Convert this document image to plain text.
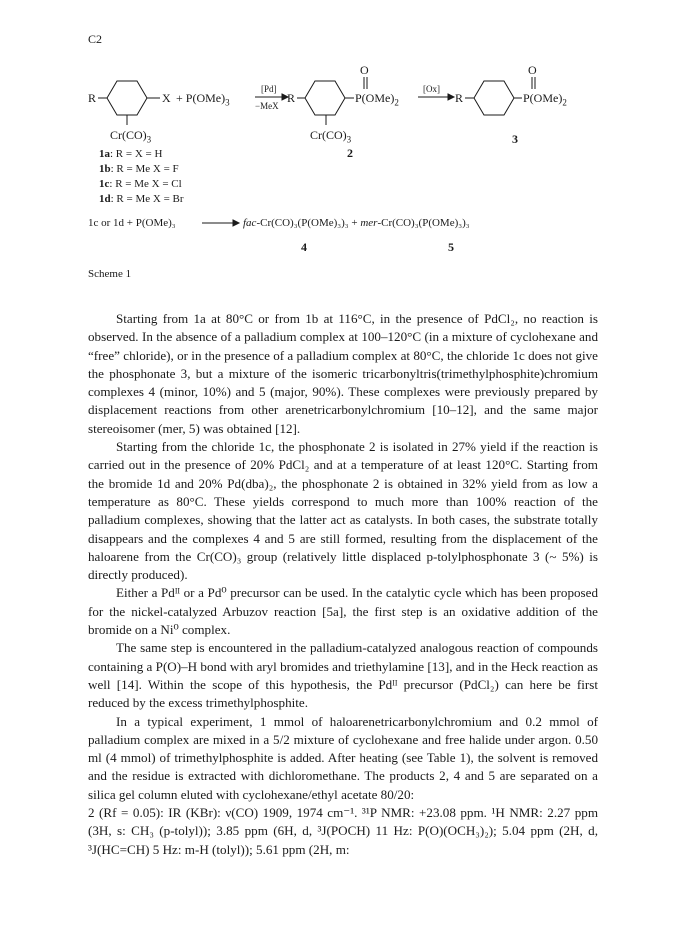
C2
R	$X + P(OMe)_3$
$Cr(CO)_3$
[Pd]
−MeX
R
O
$P(OMe)_2$
$Cr(CO)_3$
2
[Ox]
R
O
$P(OMe)_2$
3
1a: R = X = H
1b: R = Me X = F
1c: R = Me X = Cl
1d: R = Me X = Br
1c or 1d + P(OMe)₃	fac-Cr(CO)₃(P(OMe)₃)₃ + mer-Cr(CO)₃(P(OMe)₃)₃
4	5
Scheme 1

Starting from 1a at 80°C or from 1b at 116°C, in the presence of PdCl₂, no reaction is observed. In the absence of a palladium complex at 100–120°C (in a mixture of cyclohexane and “free” chloride), or in the presence of a palladium complex at 80°C, the chloride 1c does not give the phosphonate 3, but a mixture of the isomeric tricarbonyltris(trimethylphosphite)chromium complexes 4 (minor, 10%) and 5 (major, 90%). These complexes were previously prepared by displacement reactions from other arenetricarbonylchromium [10–12], and the same major stereoisomer (mer, 5) was obtained [12].

Starting from the chloride 1c, the phosphonate 2 is isolated in 27% yield if the reaction is carried out in the presence of 20% PdCl₂ and at a temperature of at least 120°C. Starting from the bromide 1d and 20% Pd(dba)₂, the phosphonate 2 is obtained in 32% yield from as low a temperature as 80°C. These yields correspond to much more than 100% reaction of the palladium complexes, showing that the latter act as catalysts. In both cases, the substrate totally disappears and the complexes 4 and 5 are still formed, resulting from the displacement of the haloarene from the Cr(CO)₃ group (relatively little displaced p-tolylphosphonate 3 (~ 5%) is directly produced).

Either a Pdᴵᴵ or a Pd⁰ precursor can be used. In the catalytic cycle which has been proposed for the nickel-catalyzed Arbuzov reaction [5a], the first step is an oxidative addition of the bromide on a Ni⁰ complex.

The same step is encountered in the palladium-catalyzed analogous reaction of compounds containing a P(O)–H bond with aryl bromides and triethylamine [13], and in the Heck reaction as well [14]. Within the scope of this hypothesis, the Pdᴵᴵ precursor (PdCl₂) can here be first reduced by the excess trimethylphosphite.

In a typical experiment, 1 mmol of haloarenetricarbonylchromium and 0.2 mmol of palladium complex are mixed in a 5/2 mixture of cyclohexane and free halide under argon. 0.50 ml (4 mmol) of trimethylphosphite is added. After heating (see Table 1), the solvent is removed and the residue is extracted with dichloromethane. The products 2, 4 and 5 are separated on a silica gel column eluted with cyclohexane/ethyl acetate 80/20:

2 (Rf = 0.05): IR (KBr): ν(CO) 1909, 1974 cm⁻¹. ³¹P NMR: +23.08 ppm. ¹H NMR: 2.27 ppm (3H, s: CH₃ (p-tolyl)); 3.85 ppm (6H, d, ³J(POCH) 11 Hz: P(O)(OCH₃)₂); 5.04 ppm (2H, d, ³J(HC=CH) 5 Hz: m-H (tolyl)); 5.61 ppm (2H, m:
